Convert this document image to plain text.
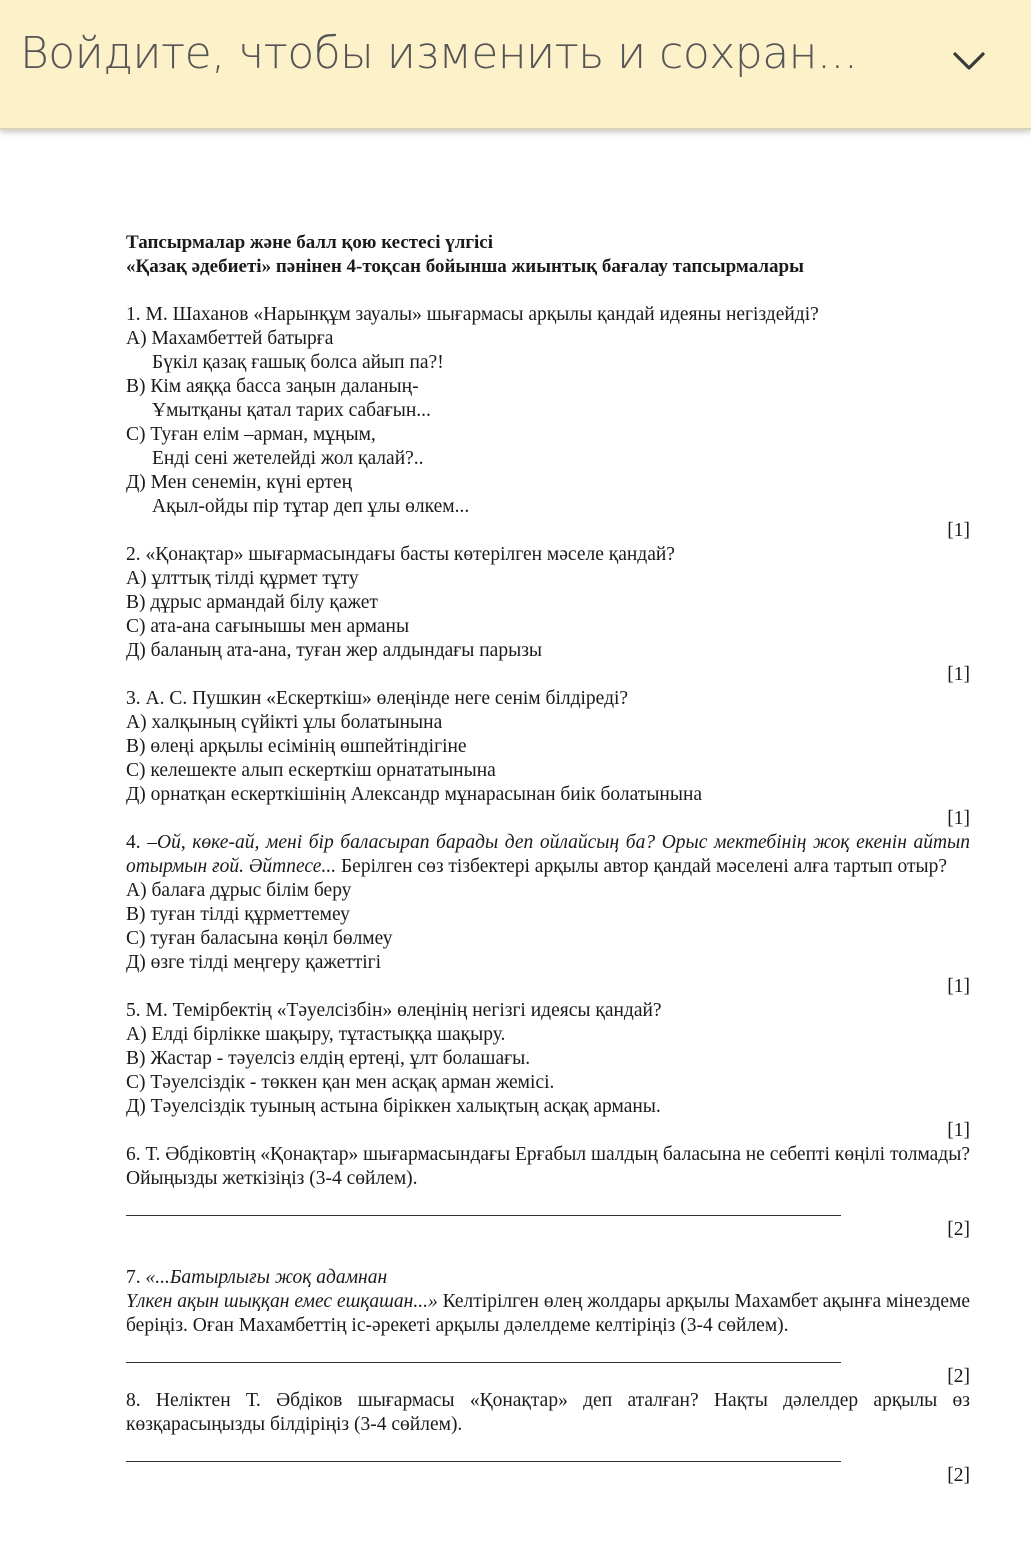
Войдите, чтобы изменить и сохран...

Тапсырмалар және балл қою кестесі үлгісі

«Қазақ әдебиеті» пәнінен 4-тоқсан бойынша жиынтық бағалау тапсырмалары

1. М. Шаханов «Нарынқұм зауалы» шығармасы арқылы қандай идеяны негіздейді?

А) Махамбеттей батырға

Бүкіл қазақ ғашық болса айып па?!

В) Кім аяққа басса заңын даланың-

Ұмытқаны қатал тарих сабағын...

С) Туған елім –арман, мұңым,

Енді сені жетелейді жол қалай?..

Д) Мен сенемін, күні ертең

Ақыл-ойды пір тұтар деп ұлы өлкем...

[1]

2. «Қонақтар» шығармасындағы басты көтерілген мәселе қандай?

А) ұлттық тілді құрмет тұту

В) дұрыс армандай білу қажет

С) ата-ана сағынышы мен арманы

Д) баланың ата-ана, туған жер алдындағы парызы

[1]

3. А. С. Пушкин «Ескерткіш» өлеңінде неге сенім білдіреді?

А) халқының сүйікті ұлы болатынына

В) өлеңі арқылы есімінің өшпейтіндігіне

С) келешекте алып ескерткіш орнататынына

Д) орнатқан ескерткішінің Александр мұнарасынан биік болатынына

[1]

4. –Ой, көке-ай, мені бір баласырап барады деп ойлайсың ба? Орыс мектебінің жоқ екенін айтып отырмын ғой. Әйтпесе... Берілген сөз тізбектері арқылы автор қандай мәселені алға тартып отыр?

А) балаға дұрыс білім беру

В) туған тілді құрметтемеу

С) туған баласына көңіл бөлмеу

Д) өзге тілді меңгеру қажеттігі

[1]

5. М. Темірбектің «Тәуелсізбін» өлеңінің негізгі идеясы қандай?

А) Елді бірлікке шақыру, тұтастыққа шақыру.

В) Жастар - тәуелсіз елдің ертеңі, ұлт болашағы.

С) Тәуелсіздік - төккен қан мен асқақ арман жемісі.

Д) Тәуелсіздік туының астына біріккен халықтың асқақ арманы.

[1]

6. Т. Әбдіковтің «Қонақтар» шығармасындағы Ерғабыл шалдың баласына не себепті көңілі толмады? Ойыңызды жеткізіңіз (3-4 сөйлем).

[2]

7. «...Батырлығы жоқ адамнан

Үлкен ақын шыққан емес ешқашан...» Келтірілген өлең жолдары арқылы Махамбет ақынға мінездеме беріңіз. Оған Махамбеттің іс-әрекеті арқылы дәлелдеме келтіріңіз (3-4 сөйлем).

[2]

8. Неліктен Т. Әбдіков шығармасы «Қонақтар» деп аталған? Нақты дәлелдер арқылы өз көзқарасыңызды білдіріңіз (3-4 сөйлем).

[2]
